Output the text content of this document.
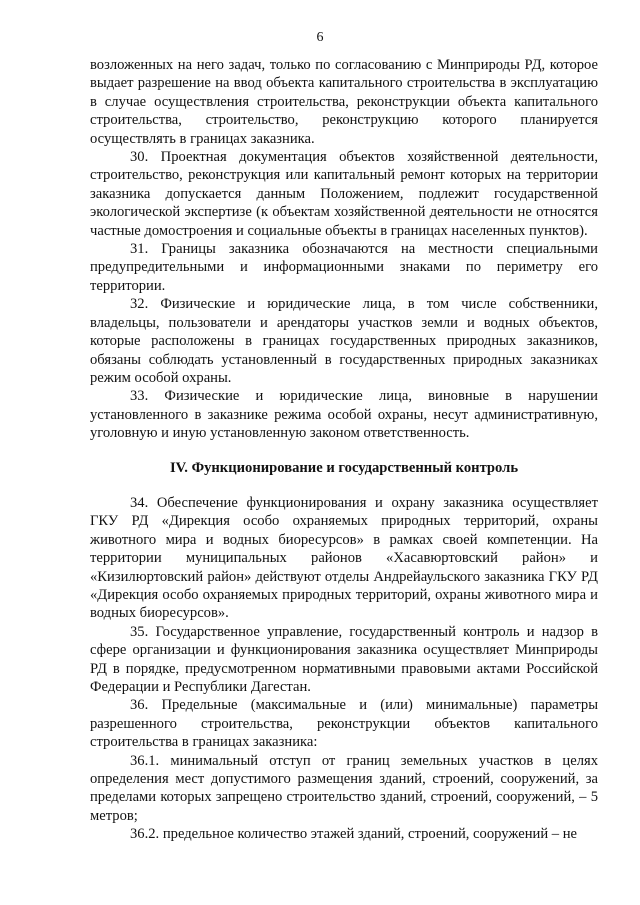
6

возложенных на него задач, только по согласованию с Минприроды РД, которое выдает разрешение на ввод объекта капитального строительства в эксплуатацию в случае осуществления строительства, реконструкции объекта капитального строительства, строительство, реконструкцию которого планируется осуществлять в границах заказника.

30. Проектная документация объектов хозяйственной деятельности, строительство, реконструкция или капитальный ремонт которых на территории заказника допускается данным Положением, подлежит государственной экологической экспертизе (к объектам хозяйственной деятельности не относятся частные домостроения и социальные объекты в границах населенных пунктов).

31. Границы заказника обозначаются на местности специальными предупредительными и информационными знаками по периметру его территории.

32. Физические и юридические лица, в том числе собственники, владельцы, пользователи и арендаторы участков земли и водных объектов, которые расположены в границах государственных природных заказников, обязаны соблюдать установленный в государственных природных заказниках режим особой охраны.

33. Физические и юридические лица, виновные в нарушении установленного в заказнике режима особой охраны, несут административную, уголовную и иную установленную законом ответственность.

IV. Функционирование и государственный контроль

34. Обеспечение функционирования и охрану заказника осуществляет ГКУ РД «Дирекция особо охраняемых природных территорий, охраны животного мира и водных биоресурсов» в рамках своей компетенции. На территории муниципальных районов «Хасавюртовский район» и «Кизилюртовский район» действуют отделы Андрейаульского заказника ГКУ РД «Дирекция особо охраняемых природных территорий, охраны животного мира и водных биоресурсов».

35. Государственное управление, государственный контроль и надзор в сфере организации и функционирования заказника осуществляет Минприроды РД в порядке, предусмотренном нормативными правовыми актами Российской Федерации и Республики Дагестан.

36. Предельные (максимальные и (или) минимальные) параметры разрешенного строительства, реконструкции объектов капитального строительства в границах заказника:

36.1. минимальный отступ от границ земельных участков в целях определения мест допустимого размещения зданий, строений, сооружений, за пределами которых запрещено строительство зданий, строений, сооружений, – 5 метров;

36.2. предельное количество этажей зданий, строений, сооружений – не
